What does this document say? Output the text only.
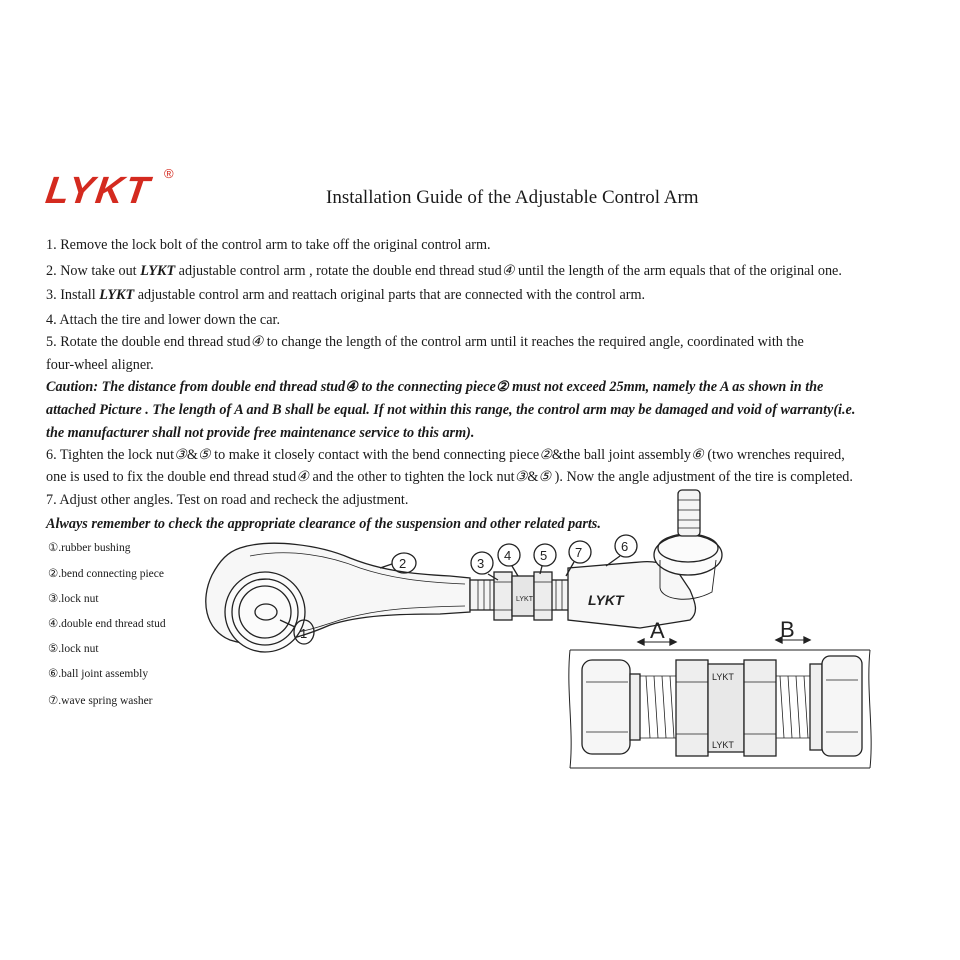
LYKT ®
Installation Guide of the Adjustable Control Arm
1. Remove the lock bolt of the control arm to take off the original control arm.
2. Now take out LYKT adjustable control arm , rotate the double end thread stud④ until the length of the arm equals that of the original one.
3. Install LYKT adjustable control arm and reattach original parts that are connected with the control arm.
4. Attach the tire and lower down the car.
5. Rotate the double end thread stud④ to change the length of the control arm until it reaches the required angle, coordinated with the
four-wheel aligner.
Caution: The distance from double end thread stud④ to the connecting piece② must not exceed 25mm, namely the A as shown in the
attached Picture . The length of A and B shall be equal. If not within this range, the control arm may be damaged and void of warranty(i.e.
the manufacturer shall not provide free maintenance service to this arm).
6. Tighten the lock nut③&⑤ to make it closely contact with the bend connecting piece②&the ball joint assembly⑥ (two wrenches required,
one is used to fix the double end thread stud④ and the other to tighten the lock nut③&⑤ ). Now the angle adjustment of the tire is completed.
7. Adjust other angles. Test on road and recheck the adjustment.
Always remember to check the appropriate clearance of the suspension and other related parts.
①.rubber bushing
②.bend connecting piece
③.lock nut
④.double end thread stud
⑤.lock nut
⑥.ball joint assembly
⑦.wave spring washer
LYKT	LYKT
1
2	3
4 5 7	6
LYKT
LYKT
A	B
